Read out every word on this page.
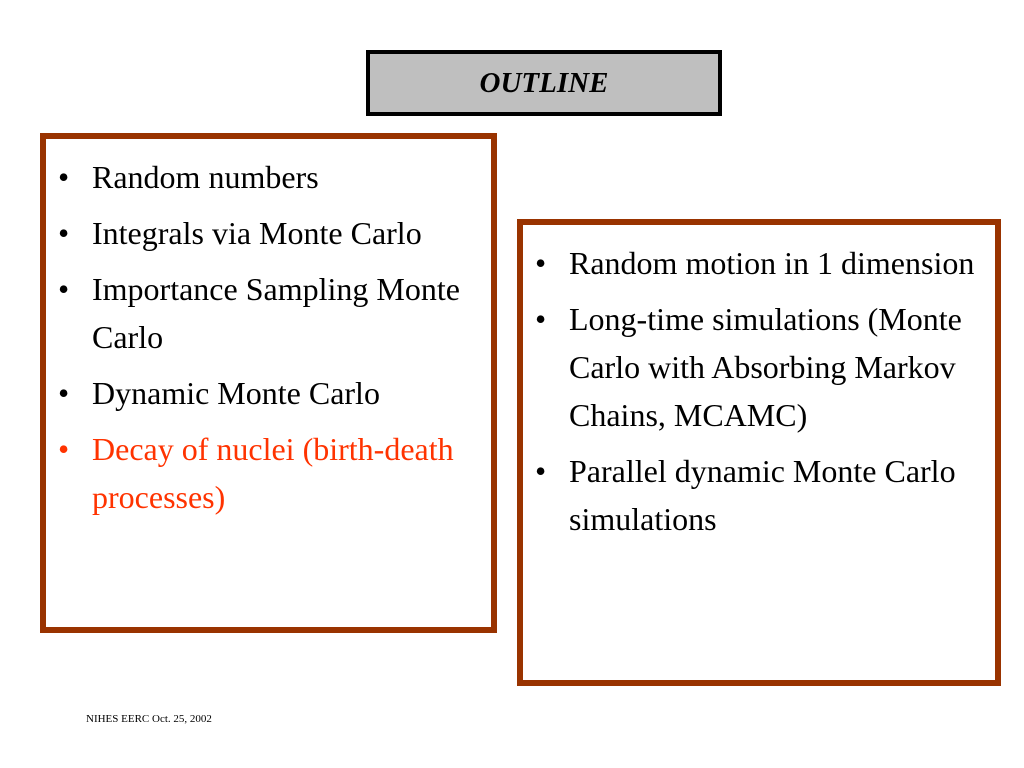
OUTLINE
• Random numbers
• Integrals via Monte Carlo
• Importance Sampling Monte Carlo
• Dynamic Monte Carlo
• Decay of nuclei (birth-death processes)
• Random motion in 1 dimension
• Long-time simulations (Monte Carlo with Absorbing Markov Chains, MCAMC)
• Parallel dynamic Monte Carlo simulations
NIHES EERC Oct. 25, 2002
